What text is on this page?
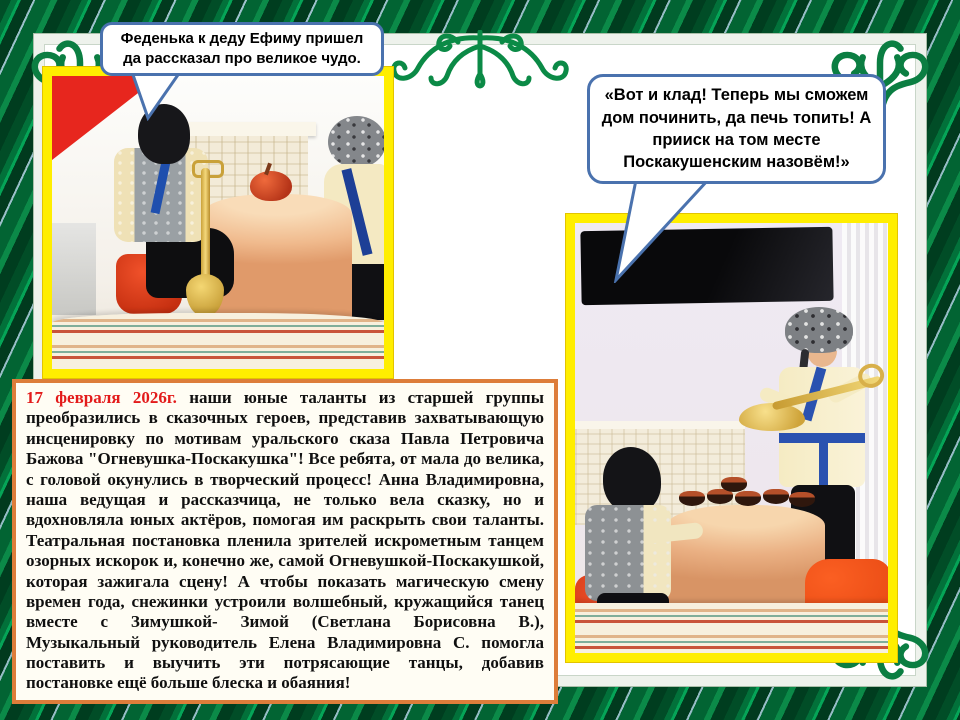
Феденька к деду Ефиму пришел да рассказал про великое чудо.
«Вот и клад! Теперь мы сможем дом починить, да печь топить! А прииск на том месте Поскакушенским назовём!»
17 февраля 2026г. наши юные таланты из старшей группы преобразились в сказочных героев, представив захватывающую инсценировку по мотивам уральского сказа Павла Петровича Бажова "Огневушка-Поскакушка"! Все ребята, от мала до велика, с головой окунулись в творческий процесс! Анна Владимировна, наша ведущая и рассказчица, не только вела сказку, но и вдохновляла юных актёров, помогая им раскрыть свои таланты. Театральная постановка пленила зрителей искрометным танцем озорных искорок и, конечно же, самой Огневушкой-Поскакушкой, которая зажигала сцену! А чтобы показать магическую смену времен года, снежинки устроили волшебный, кружащийся танец вместе с Зимушкой- Зимой (Светлана Борисовна В.), Музыкальный руководитель Елена Владимировна С. помогла поставить и выучить эти потрясающие танцы, добавив постановке ещё больше блеска и обаяния!
